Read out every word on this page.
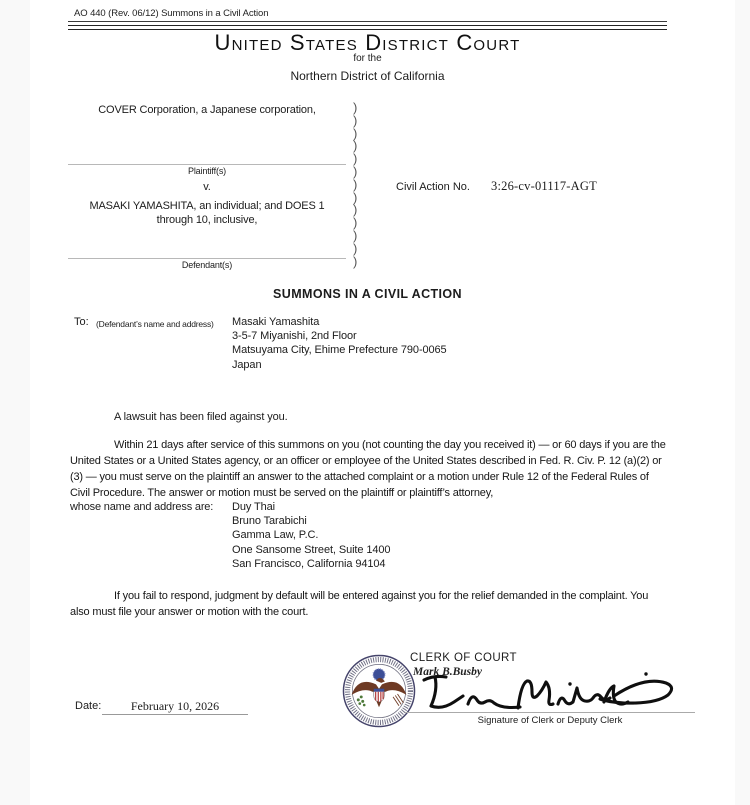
AO 440 (Rev. 06/12) Summons in a Civil Action
United States District Court
for the
Northern District of California
COVER Corporation, a Japanese corporation,
Plaintiff(s)
v.
MASAKI YAMASHITA, an individual; and DOES 1
through 10, inclusive,
Defendant(s)
)
)
)
)
)
)
)
)
)
)
)
)
)
Civil Action No. 3:26-cv-01117-AGT
SUMMONS IN A CIVIL ACTION
To: (Defendant’s name and address) Masaki Yamashita
3-5-7 Miyanishi, 2nd Floor
Matsuyama City, Ehime Prefecture 790-0065
Japan
A lawsuit has been filed against you.
Within 21 days after service of this summons on you (not counting the day you received it) — or 60 days if you are the United States or a United States agency, or an officer or employee of the United States described in Fed. R. Civ. P. 12 (a)(2) or (3) — you must serve on the plaintiff an answer to the attached complaint or a motion under Rule 12 of the Federal Rules of Civil Procedure. The answer or motion must be served on the plaintiff or plaintiff’s attorney,
whose name and address are: Duy Thai
Bruno Tarabichi
Gamma Law, P.C.
One Sansome Street, Suite 1400
San Francisco, California 94104
If you fail to respond, judgment by default will be entered against you for the relief demanded in the complaint. You also must file your answer or motion with the court.
CLERK OF COURT
Mark B.Busby
Signature of Clerk or Deputy Clerk
Date:	February 10, 2026
